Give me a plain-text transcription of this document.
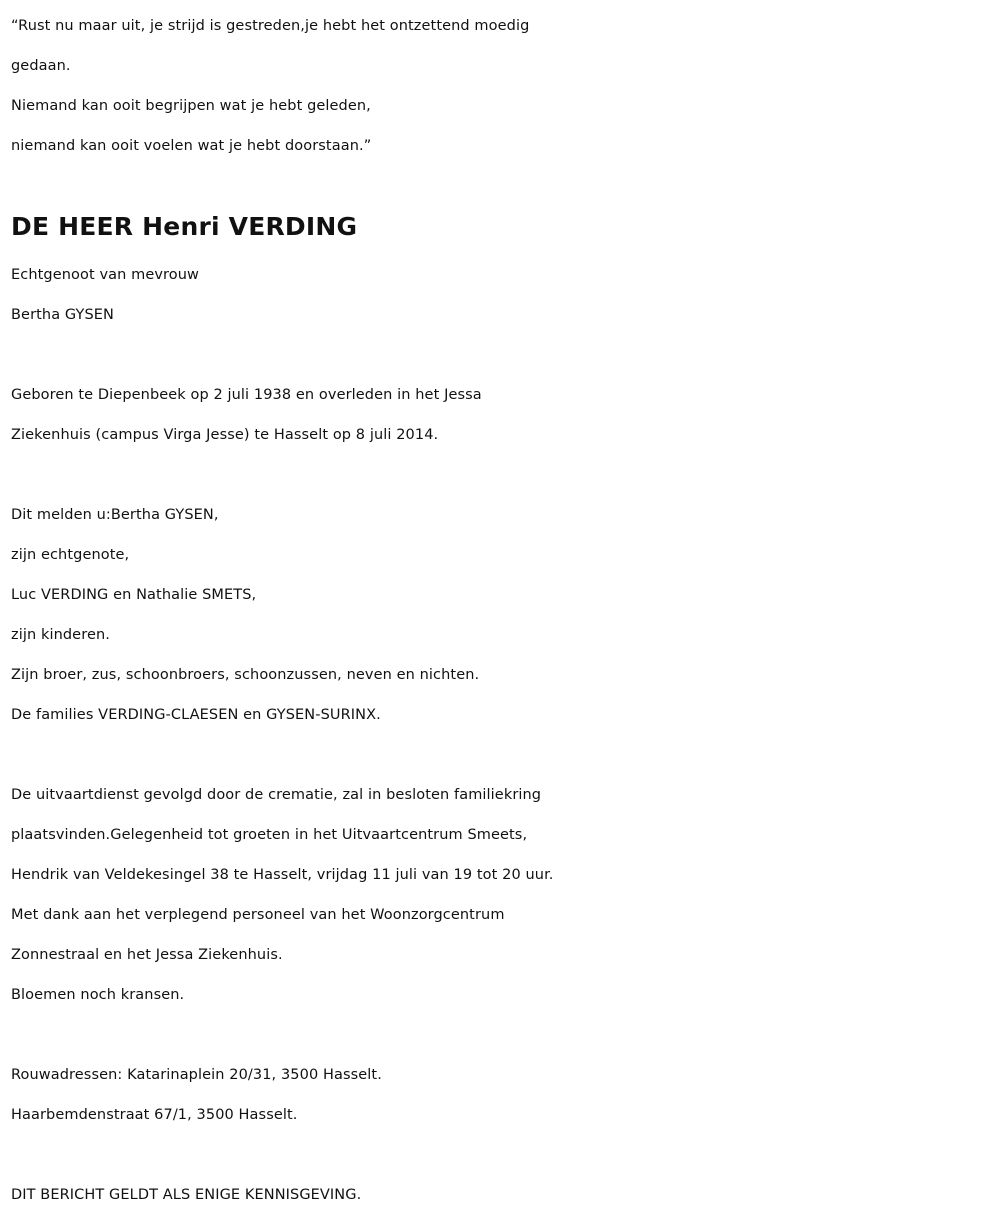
“Rust nu maar uit, je strijd is gestreden,je hebt het ontzettend moedig
gedaan.
Niemand kan ooit begrijpen wat je hebt geleden,
niemand kan ooit voelen wat je hebt doorstaan.”
DE HEER Henri VERDING
Echtgenoot van mevrouw
Bertha GYSEN
Geboren te Diepenbeek op 2 juli 1938 en overleden in het Jessa
Ziekenhuis (campus Virga Jesse) te Hasselt op 8 juli 2014.
Dit melden u:Bertha GYSEN,
zijn echtgenote,
Luc VERDING en Nathalie SMETS,
zijn kinderen.
Zijn broer, zus, schoonbroers, schoonzussen, neven en nichten.
De families VERDING-CLAESEN en GYSEN-SURINX.
De uitvaartdienst gevolgd door de crematie, zal in besloten familiekring
plaatsvinden.Gelegenheid tot groeten in het Uitvaartcentrum Smeets,
Hendrik van Veldekesingel 38 te Hasselt, vrijdag 11 juli van 19 tot 20 uur.
Met dank aan het verplegend personeel van het Woonzorgcentrum
Zonnestraal en het Jessa Ziekenhuis.
Bloemen noch kransen.
Rouwadressen: Katarinaplein 20/31, 3500 Hasselt.
Haarbemdenstraat 67/1, 3500 Hasselt.
DIT BERICHT GELDT ALS ENIGE KENNISGEVING.
